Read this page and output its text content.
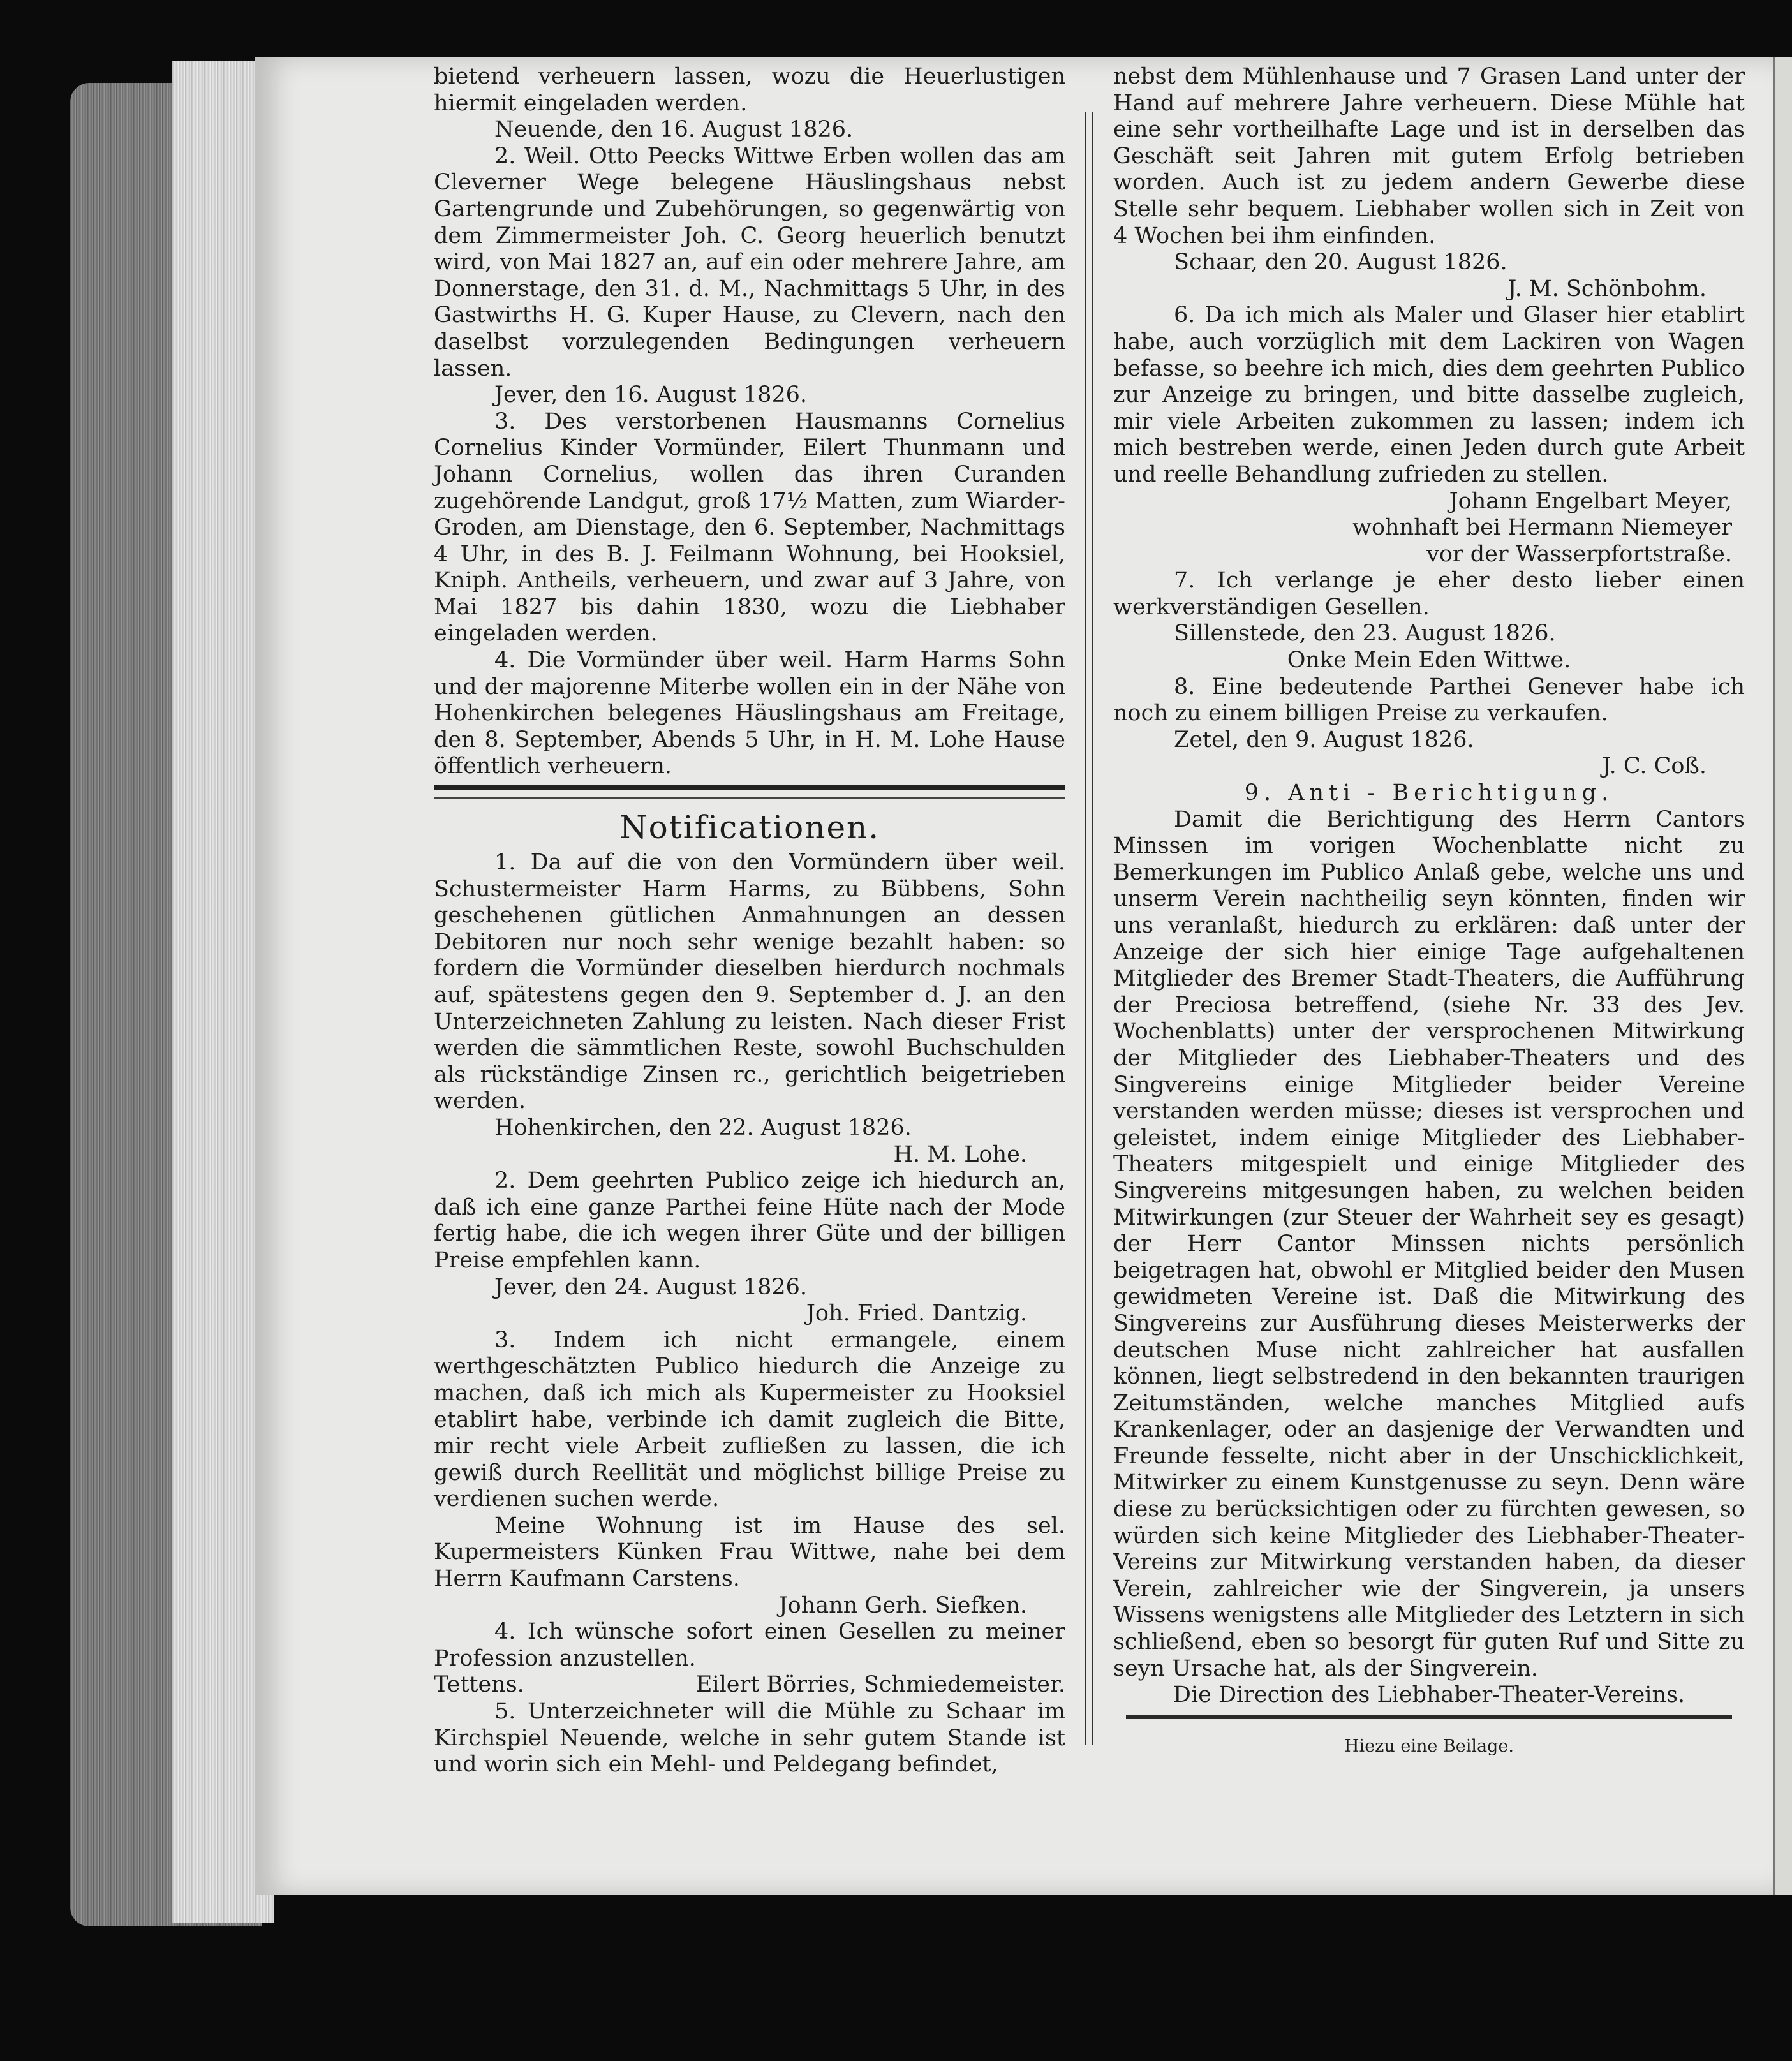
bietend verheuern lassen, wozu die Heuerlustigen hiermit eingeladen werden.

Neuende, den 16. August 1826.

2. Weil. Otto Peecks Wittwe Erben wollen das am Cleverner Wege belegene Häuslingshaus nebst Gartengrunde und Zubehörungen, so gegenwärtig von dem Zimmermeister Joh. C. Georg heuerlich benutzt wird, von Mai 1827 an, auf ein oder mehrere Jahre, am Donnerstage, den 31. d. M., Nachmittags 5 Uhr, in des Gastwirths H. G. Kuper Hause, zu Clevern, nach den daselbst vorzulegenden Bedingungen verheuern lassen.

Jever, den 16. August 1826.

3. Des verstorbenen Hausmanns Cornelius Cornelius Kinder Vormünder, Eilert Thunmann und Johann Cornelius, wollen das ihren Curanden zugehörende Landgut, groß 17½ Matten, zum Wiarder-Groden, am Dienstage, den 6. September, Nachmittags 4 Uhr, in des B. J. Feilmann Wohnung, bei Hooksiel, Kniph. Antheils, verheuern, und zwar auf 3 Jahre, von Mai 1827 bis dahin 1830, wozu die Liebhaber eingeladen werden.

4. Die Vormünder über weil. Harm Harms Sohn und der majorenne Miterbe wollen ein in der Nähe von Hohenkirchen belegenes Häuslingshaus am Freitage, den 8. September, Abends 5 Uhr, in H. M. Lohe Hause öffentlich verheuern.

Notificationen.

1. Da auf die von den Vormündern über weil. Schustermeister Harm Harms, zu Bübbens, Sohn geschehenen gütlichen Anmahnungen an dessen Debitoren nur noch sehr wenige bezahlt haben: so fordern die Vormünder dieselben hierdurch nochmals auf, spätestens gegen den 9. September d. J. an den Unterzeichneten Zahlung zu leisten. Nach dieser Frist werden die sämmtlichen Reste, sowohl Buchschulden als rückständige Zinsen rc., gerichtlich beigetrieben werden.

Hohenkirchen, den 22. August 1826.

H. M. Lohe.

2. Dem geehrten Publico zeige ich hiedurch an, daß ich eine ganze Parthei feine Hüte nach der Mode fertig habe, die ich wegen ihrer Güte und der billigen Preise empfehlen kann.

Jever, den 24. August 1826.

Joh. Fried. Dantzig.

3. Indem ich nicht ermangele, einem werthgeschätzten Publico hiedurch die Anzeige zu machen, daß ich mich als Kupermeister zu Hooksiel etablirt habe, verbinde ich damit zugleich die Bitte, mir recht viele Arbeit zufließen zu lassen, die ich gewiß durch Reellität und möglichst billige Preise zu verdienen suchen werde.

Meine Wohnung ist im Hause des sel. Kupermeisters Künken Frau Wittwe, nahe bei dem Herrn Kaufmann Carstens.

Johann Gerh. Siefken.

4. Ich wünsche sofort einen Gesellen zu meiner Profession anzustellen.

Tettens.	Eilert Börries, Schmiedemeister.

5. Unterzeichneter will die Mühle zu Schaar im Kirchspiel Neuende, welche in sehr gutem Stande ist und worin sich ein Mehl- und Peldegang befindet,

nebst dem Mühlenhause und 7 Grasen Land unter der Hand auf mehrere Jahre verheuern. Diese Mühle hat eine sehr vortheilhafte Lage und ist in derselben das Geschäft seit Jahren mit gutem Erfolg betrieben worden. Auch ist zu jedem andern Gewerbe diese Stelle sehr bequem. Liebhaber wollen sich in Zeit von 4 Wochen bei ihm einfinden.

Schaar, den 20. August 1826.

J. M. Schönbohm.

6. Da ich mich als Maler und Glaser hier etablirt habe, auch vorzüglich mit dem Lackiren von Wagen befasse, so beehre ich mich, dies dem geehrten Publico zur Anzeige zu bringen, und bitte dasselbe zugleich, mir viele Arbeiten zukommen zu lassen; indem ich mich bestreben werde, einen Jeden durch gute Arbeit und reelle Behandlung zufrieden zu stellen.

Johann Engelbart Meyer,

wohnhaft bei Hermann Niemeyer

vor der Wasserpfortstraße.

7. Ich verlange je eher desto lieber einen werkverständigen Gesellen.

Sillenstede, den 23. August 1826.

Onke Mein Eden Wittwe.

8. Eine bedeutende Parthei Genever habe ich noch zu einem billigen Preise zu verkaufen.

Zetel, den 9. August 1826.

J. C. Coß.

9. Anti - Berichtigung.

Damit die Berichtigung des Herrn Cantors Minssen im vorigen Wochenblatte nicht zu Bemerkungen im Publico Anlaß gebe, welche uns und unserm Verein nachtheilig seyn könnten, finden wir uns veranlaßt, hiedurch zu erklären: daß unter der Anzeige der sich hier einige Tage aufgehaltenen Mitglieder des Bremer Stadt-Theaters, die Aufführung der Preciosa betreffend, (siehe Nr. 33 des Jev. Wochenblatts) unter der versprochenen Mitwirkung der Mitglieder des Liebhaber-Theaters und des Singvereins einige Mitglieder beider Vereine verstanden werden müsse; dieses ist versprochen und geleistet, indem einige Mitglieder des Liebhaber-Theaters mitgespielt und einige Mitglieder des Singvereins mitgesungen haben, zu welchen beiden Mitwirkungen (zur Steuer der Wahrheit sey es gesagt) der Herr Cantor Minssen nichts persönlich beigetragen hat, obwohl er Mitglied beider den Musen gewidmeten Vereine ist. Daß die Mitwirkung des Singvereins zur Ausführung dieses Meisterwerks der deutschen Muse nicht zahlreicher hat ausfallen können, liegt selbstredend in den bekannten traurigen Zeitumständen, welche manches Mitglied aufs Krankenlager, oder an dasjenige der Verwandten und Freunde fesselte, nicht aber in der Unschicklichkeit, Mitwirker zu einem Kunstgenusse zu seyn. Denn wäre diese zu berücksichtigen oder zu fürchten gewesen, so würden sich keine Mitglieder des Liebhaber-Theater-Vereins zur Mitwirkung verstanden haben, da dieser Verein, zahlreicher wie der Singverein, ja unsers Wissens wenigstens alle Mitglieder des Letztern in sich schließend, eben so besorgt für guten Ruf und Sitte zu seyn Ursache hat, als der Singverein.

Die Direction des Liebhaber-Theater-Vereins.

Hiezu eine Beilage.
